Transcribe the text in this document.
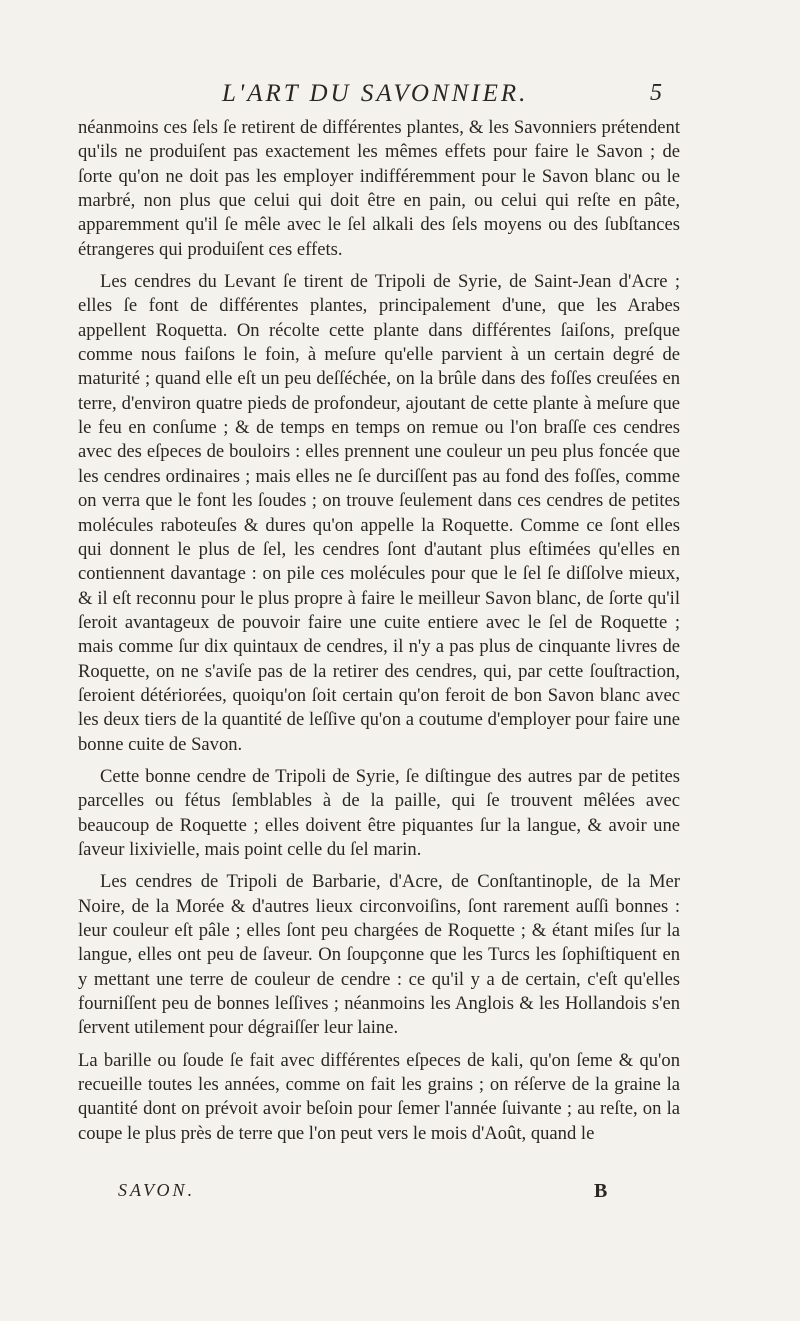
L'ART DU SAVONNIER.	5

néanmoins ces ſels ſe retirent de différentes plantes, & les Savonniers prétendent qu'ils ne produiſent pas exactement les mêmes effets pour faire le Savon ; de ſorte qu'on ne doit pas les employer indifféremment pour le Savon blanc ou le marbré, non plus que celui qui doit être en pain, ou celui qui reſte en pâte, apparemment qu'il ſe mêle avec le ſel alkali des ſels moyens ou des ſubſtances étrangeres qui produiſent ces effets.

Les cendres du Levant ſe tirent de Tripoli de Syrie, de Saint-Jean d'Acre ; elles ſe font de différentes plantes, principalement d'une, que les Arabes appellent Roquetta. On récolte cette plante dans différentes ſaiſons, preſque comme nous faiſons le foin, à meſure qu'elle parvient à un certain degré de maturité ; quand elle eſt un peu deſſéchée, on la brûle dans des foſſes creuſées en terre, d'environ quatre pieds de profondeur, ajoutant de cette plante à meſure que le feu en conſume ; & de temps en temps on remue ou l'on braſſe ces cendres avec des eſpeces de bouloirs : elles prennent une couleur un peu plus foncée que les cendres ordinaires ; mais elles ne ſe durciſſent pas au fond des foſſes, comme on verra que le font les ſoudes ; on trouve ſeulement dans ces cendres de petites molécules raboteuſes & dures qu'on appelle la Roquette. Comme ce ſont elles qui donnent le plus de ſel, les cendres ſont d'autant plus eſtimées qu'elles en contiennent davantage : on pile ces molécules pour que le ſel ſe diſſolve mieux, & il eſt reconnu pour le plus propre à faire le meilleur Savon blanc, de ſorte qu'il ſeroit avantageux de pouvoir faire une cuite entiere avec le ſel de Roquette ; mais comme ſur dix quintaux de cendres, il n'y a pas plus de cinquante livres de Roquette, on ne s'aviſe pas de la retirer des cendres, qui, par cette ſouſtraction, ſeroient détériorées, quoiqu'on ſoit certain qu'on feroit de bon Savon blanc avec les deux tiers de la quantité de leſſive qu'on a coutume d'employer pour faire une bonne cuite de Savon.

Cette bonne cendre de Tripoli de Syrie, ſe diſtingue des autres par de petites parcelles ou fétus ſemblables à de la paille, qui ſe trouvent mêlées avec beaucoup de Roquette ; elles doivent être piquantes ſur la langue, & avoir une ſaveur lixivielle, mais point celle du ſel marin.

Les cendres de Tripoli de Barbarie, d'Acre, de Conſtantinople, de la Mer Noire, de la Morée & d'autres lieux circonvoiſins, ſont rarement auſſi bonnes : leur couleur eſt pâle ; elles ſont peu chargées de Roquette ; & étant miſes ſur la langue, elles ont peu de ſaveur. On ſoupçonne que les Turcs les ſophiſtiquent en y mettant une terre de couleur de cendre : ce qu'il y a de certain, c'eſt qu'elles fourniſſent peu de bonnes leſſives ; néanmoins les Anglois & les Hollandois s'en ſervent utilement pour dégraiſſer leur laine.

La barille ou ſoude ſe fait avec différentes eſpeces de kali, qu'on ſeme & qu'on recueille toutes les années, comme on fait les grains ; on réſerve de la graine la quantité dont on prévoit avoir beſoin pour ſemer l'année ſuivante ; au reſte, on la coupe le plus près de terre que l'on peut vers le mois d'Août, quand le

SAVON.	B
